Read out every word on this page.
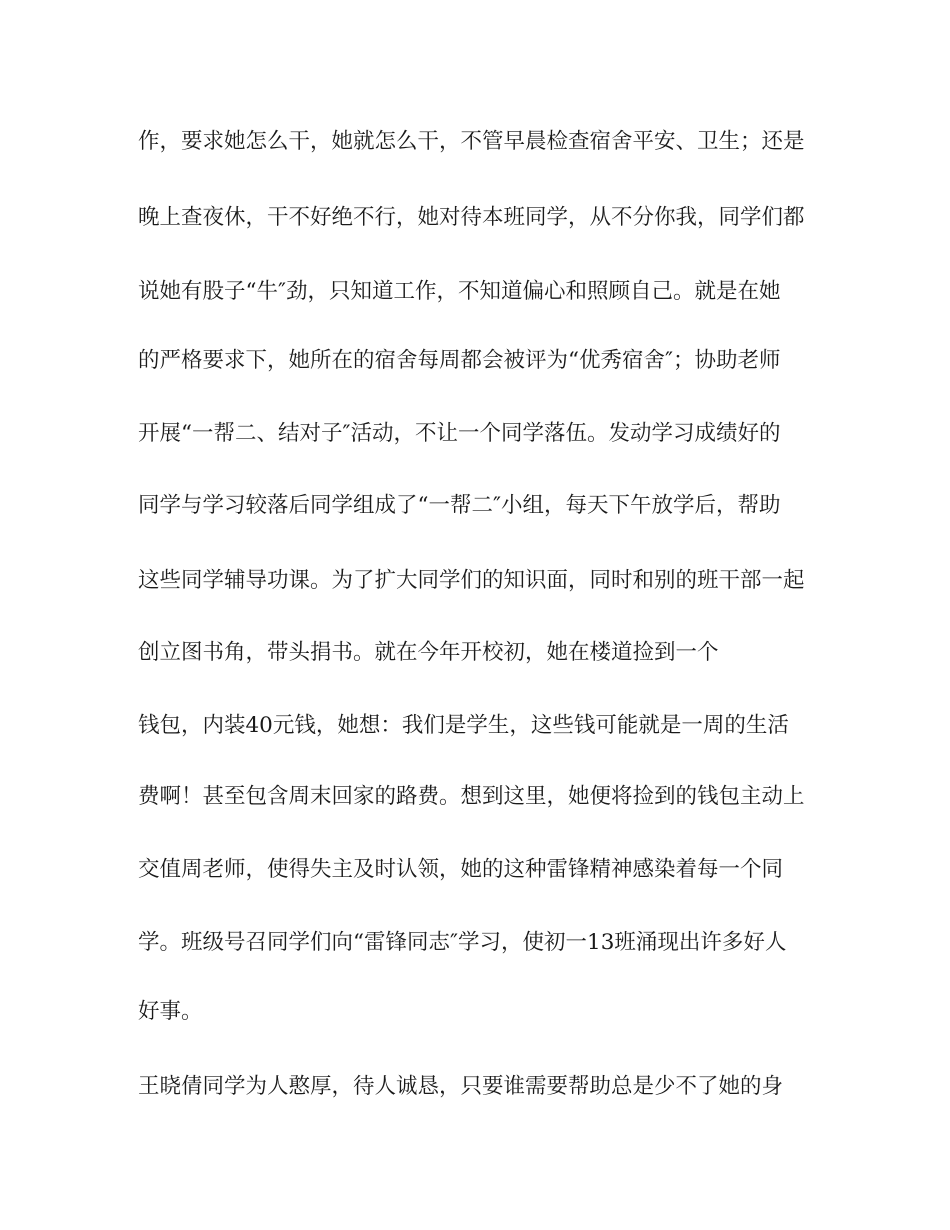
作，要求她怎么干，她就怎么干，不管早晨检查宿舍平安、卫生；还是
晚上查夜休，干不好绝不行，她对待本班同学，从不分你我，同学们都
说她有股子“牛″劲，只知道工作，不知道偏心和照顾自己。就是在她
的严格要求下，她所在的宿舍每周都会被评为“优秀宿舍″；协助老师
开展“一帮二、结对子″活动，不让一个同学落伍。发动学习成绩好的
同学与学习较落后同学组成了“一帮二″小组，每天下午放学后，帮助
这些同学辅导功课。为了扩大同学们的知识面，同时和别的班干部一起
创立图书角，带头捐书。就在今年开校初，她在楼道捡到一个
钱包，内装40元钱，她想：我们是学生，这些钱可能就是一周的生活
费啊！甚至包含周末回家的路费。想到这里，她便将捡到的钱包主动上
交值周老师，使得失主及时认领，她的这种雷锋精神感染着每一个同
学。班级号召同学们向“雷锋同志″学习，使初一13班涌现出许多好人
好事。
王晓倩同学为人憨厚，待人诚恳，只要谁需要帮助总是少不了她的身
